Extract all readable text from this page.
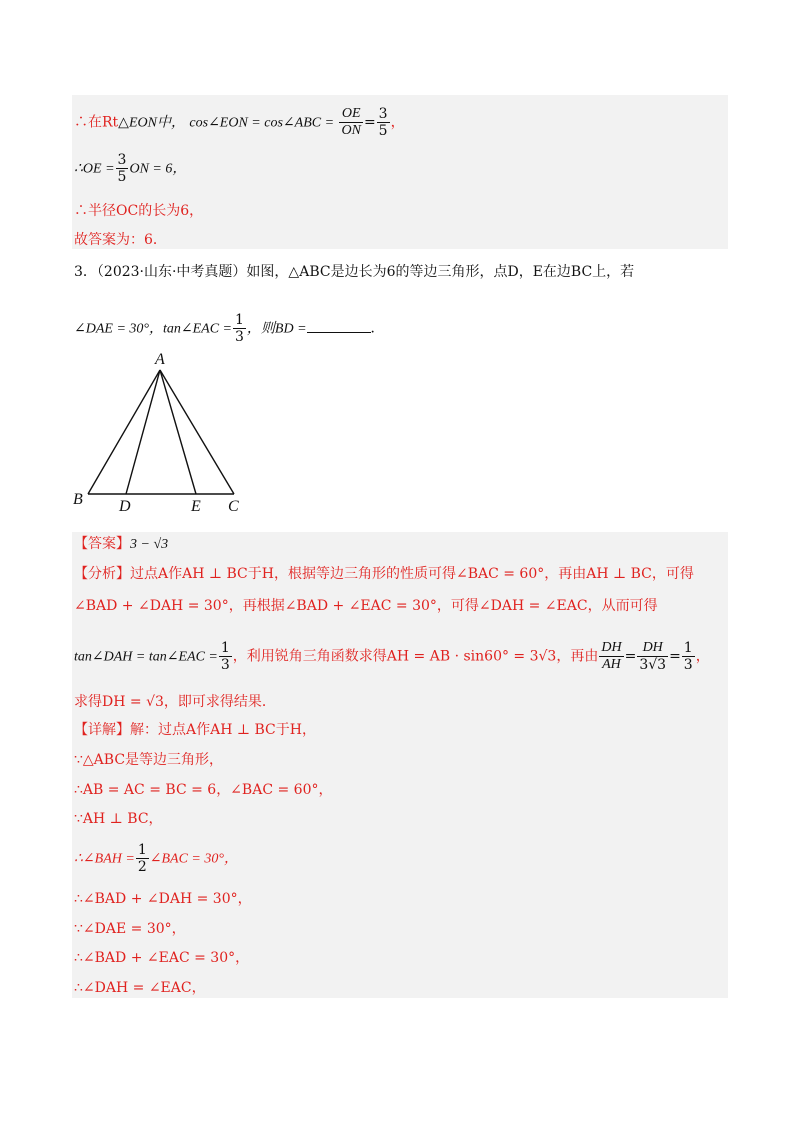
∴在Rt△EON中， cos∠EON = cos∠ABC = $\frac{OE}{ON} = \frac{3}{5}$ ，
∴OE = $\frac{3}{5}$ ON = 6，
∴半径OC的长为6，
故答案为：6．
3．（2023·山东·中考真题）如图，△ABC是边长为6的等边三角形，点D，E在边BC上，若
∠DAE = 30°，tan∠EAC = $\frac{1}{3}$ ，则BD =	．
A
B D	E C
【答案】3 − √3
【分析】过点A作AH ⊥ BC于H，根据等边三角形的性质可得∠BAC = 60°，再由AH ⊥ BC，可得
∠BAD + ∠DAH = 30°，再根据∠BAD + ∠EAC = 30°，可得∠DAH = ∠EAC，从而可得
tan∠DAH = tan∠EAC = $\frac{1}{3}$ ，利用锐角三角函数求得AH = AB · sin60° = 3√3，再由 $\frac{DH}{AH} = \frac{DH}{3√3} = \frac{1}{3}$ ，
求得DH = √3，即可求得结果．
【详解】解：过点A作AH ⊥ BC于H，
∵△ABC是等边三角形，
∴AB = AC = BC = 6，∠BAC = 60°，
∵AH ⊥ BC，
∴∠BAH = $\frac{1}{2}$ ∠BAC = 30°，
∴∠BAD + ∠DAH = 30°，
∵∠DAE = 30°，
∴∠BAD + ∠EAC = 30°，
∴∠DAH = ∠EAC，
